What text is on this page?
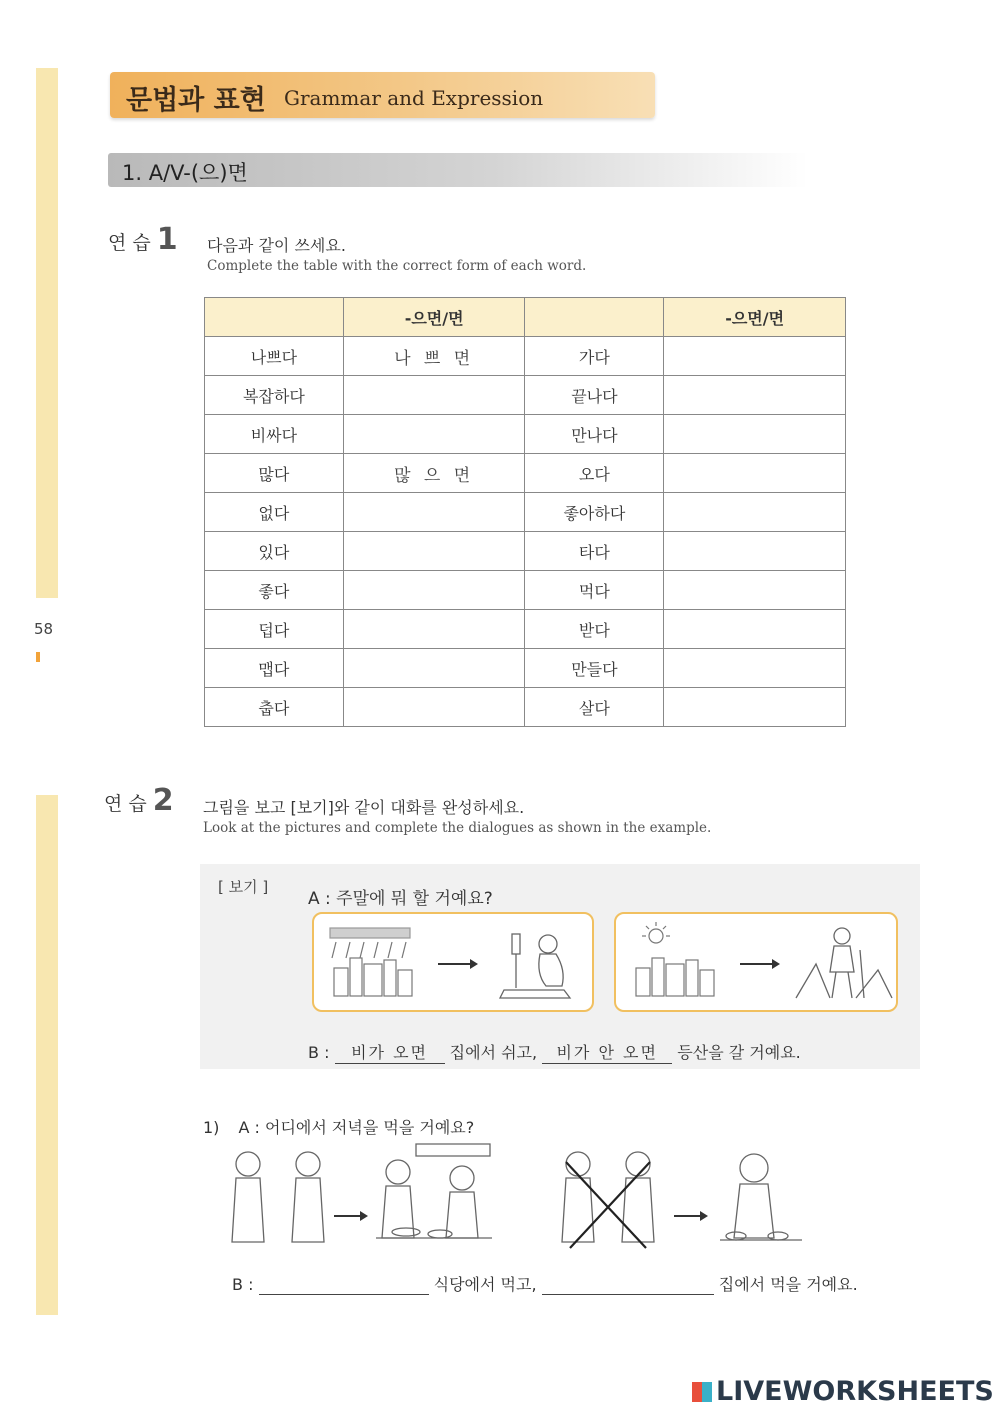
58
문법과 표현 Grammar and Expression
1. A/V-(으)면
연 습 1 다음과 같이 쓰세요.
Complete the table with the correct form of each word.
	-으면/면		-으면/면
나쁘다	나 쁘 면	가다	
복잡하다		끝나다	
비싸다		만나다	
많다	많 으 면	오다	
없다		좋아하다	
있다		타다	
좋다		먹다	
덥다		받다	
맵다		만들다	
춥다		살다	
연 습 2 그림을 보고 [보기]와 같이 대화를 완성하세요.
Look at the pictures and complete the dialogues as shown in the example.
[ 보기 ]
A : 주말에 뭐 할 거예요?
B : 비가 오면 집에서 쉬고, 비가 안 오면 등산을 갈 거예요.
1) A : 어디에서 저녁을 먹을 거예요?
B :	식당에서 먹고,	집에서 먹을 거예요.
LIVEWORKSHEETS
